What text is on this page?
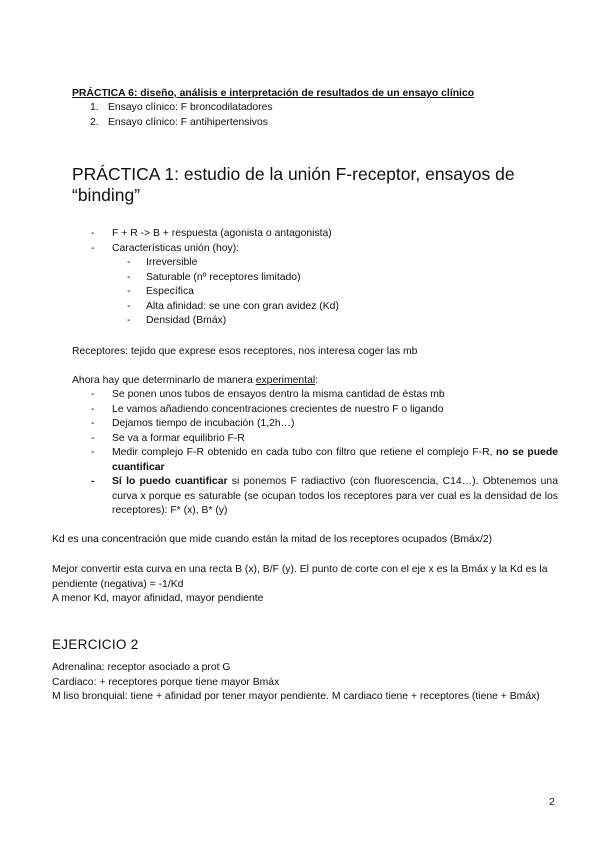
PRÁCTICA 6: diseño, análisis e interpretación de resultados de un ensayo clínico
1. Ensayo clínico: F broncodilatadores
2. Ensayo clínico: F antihipertensivos
PRÁCTICA 1: estudio de la unión F-receptor, ensayos de “binding”
- F + R -> B + respuesta (agonista o antagonista)
- Características unión (hoy):
- Irreversible
- Saturable (nº receptores limitado)
- Específica
- Alta afinidad: se une con gran avidez (Kd)
- Densidad (Bmáx)
Receptores: tejido que exprese esos receptores, nos interesa coger las mb
Ahora hay que determinarlo de manera experimental:
- Se ponen unos tubos de ensayos dentro la misma cantidad de éstas mb
- Le vamos añadiendo concentraciones crecientes de nuestro F o ligando
- Dejamos tiempo de incubación (1,2h…)
- Se va a formar equilibrio F-R
- Medir complejo F-R obtenido en cada tubo con filtro que retiene el complejo F-R, no se puede cuantificar
- Sí lo puedo cuantificar si ponemos F radiactivo (con fluorescencia, C14…). Obtenemos una curva x porque es saturable (se ocupan todos los receptores para ver cual es la densidad de los receptores): F* (x), B* (y)
Kd es una concentración que mide cuando están la mitad de los receptores ocupados (Bmáx/2)
Mejor convertir esta curva en una recta B (x), B/F (y). El punto de corte con el eje x es la Bmáx y la Kd es la pendiente (negativa) = -1/Kd
A menor Kd, mayor afinidad, mayor pendiente
EJERCICIO 2
Adrenalina: receptor asociado a prot G
Cardiaco: + receptores porque tiene mayor Bmáx
M liso bronquial: tiene + afinidad por tener mayor pendiente. M cardiaco tiene + receptores (tiene + Bmáx)
2
